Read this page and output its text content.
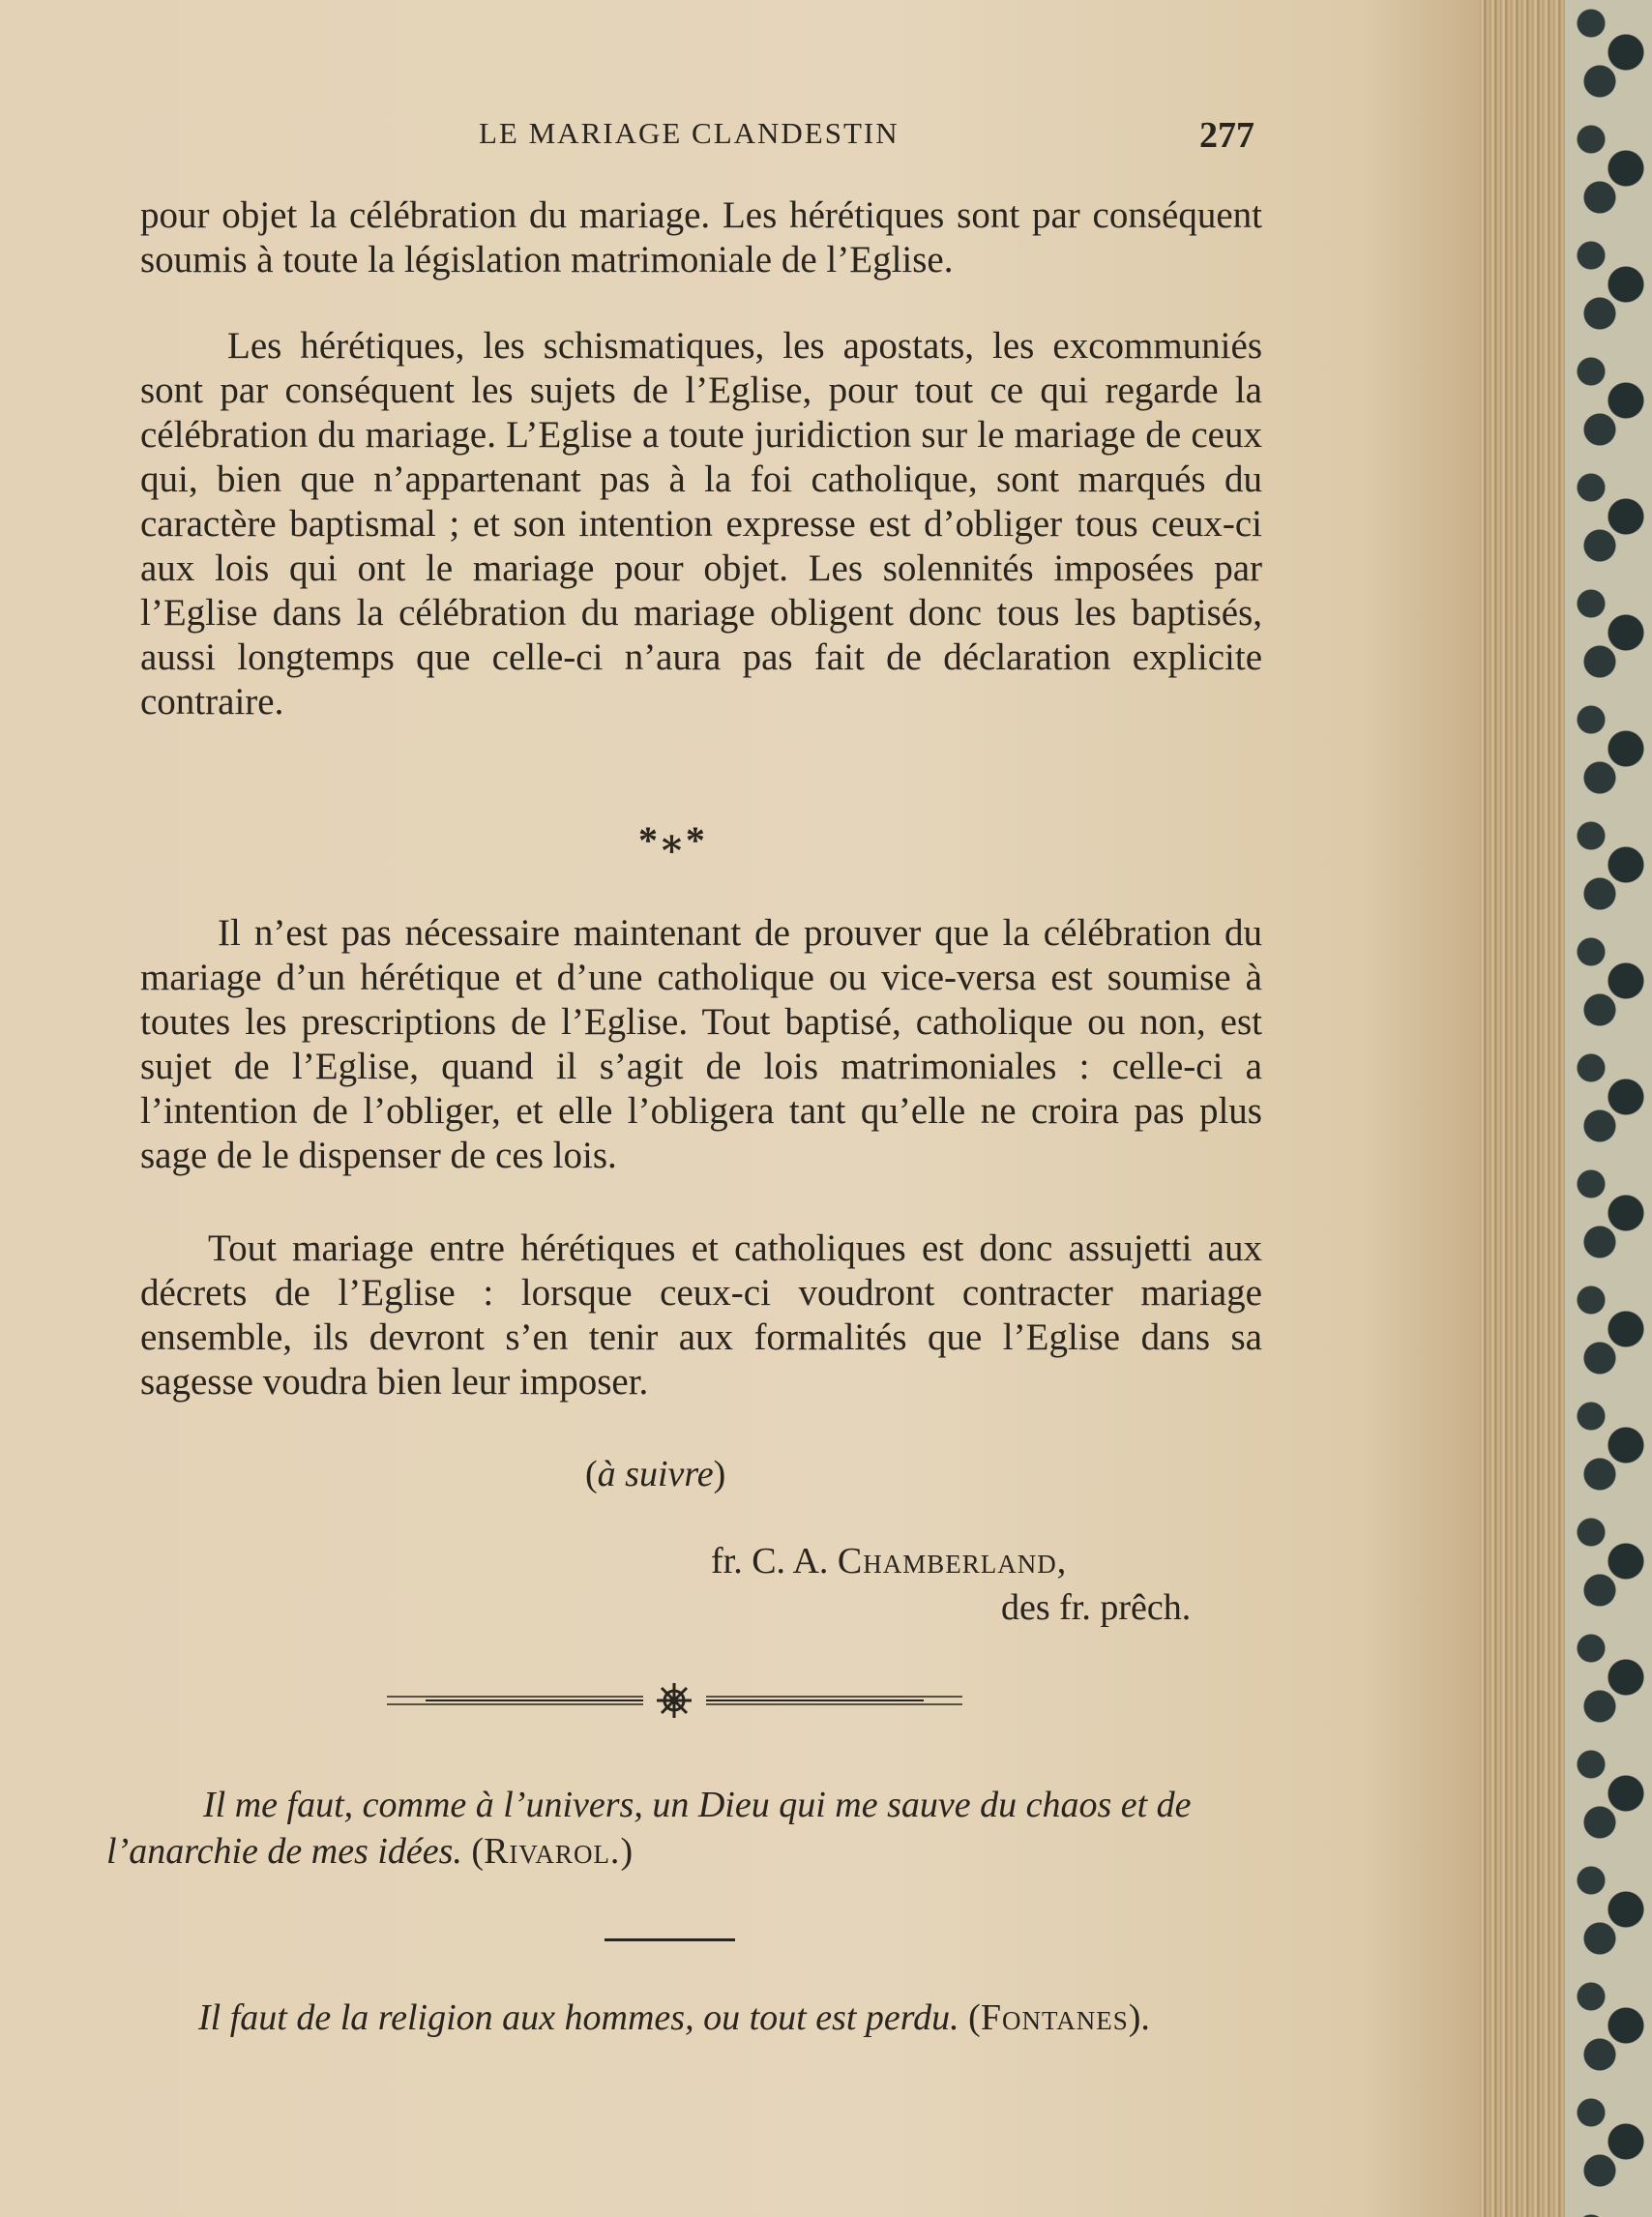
LE MARIAGE CLANDESTIN	277

pour objet la célébration du mariage. Les hérétiques sont par conséquent soumis à toute la législation matrimoniale de l’Eglise.

Les hérétiques, les schismatiques, les apostats, les excommuniés sont par conséquent les sujets de l’Eglise, pour tout ce qui regarde la célébration du mariage. L’Eglise a toute juridiction sur le mariage de ceux qui, bien que n’appartenant pas à la foi catholique, sont marqués du caractère baptismal ; et son intention expresse est d’obliger tous ceux-ci aux lois qui ont le mariage pour objet. Les solennités imposées par l’Eglise dans la célébration du mariage obligent donc tous les baptisés, aussi longtemps que celle-ci n’aura pas fait de déclaration explicite contraire.

*⁎*

Il n’est pas nécessaire maintenant de prouver que la célébration du mariage d’un hérétique et d’une catholique ou vice-versa est soumise à toutes les prescriptions de l’Eglise. Tout baptisé, catholique ou non, est sujet de l’Eglise, quand il s’agit de lois matrimoniales : celle-ci a l’intention de l’obliger, et elle l’obligera tant qu’elle ne croira pas plus sage de le dispenser de ces lois.

Tout mariage entre hérétiques et catholiques est donc assujetti aux décrets de l’Eglise : lorsque ceux-ci voudront contracter mariage ensemble, ils devront s’en tenir aux formalités que l’Eglise dans sa sagesse voudra bien leur imposer.

(à suivre)
fr. C. A. Chamberland,
des fr. prêch.

Il me faut, comme à l’univers, un Dieu qui me sauve du chaos et de l’anarchie de mes idées. (Rivarol.)

Il faut de la religion aux hommes, ou tout est perdu. (Fontanes).
